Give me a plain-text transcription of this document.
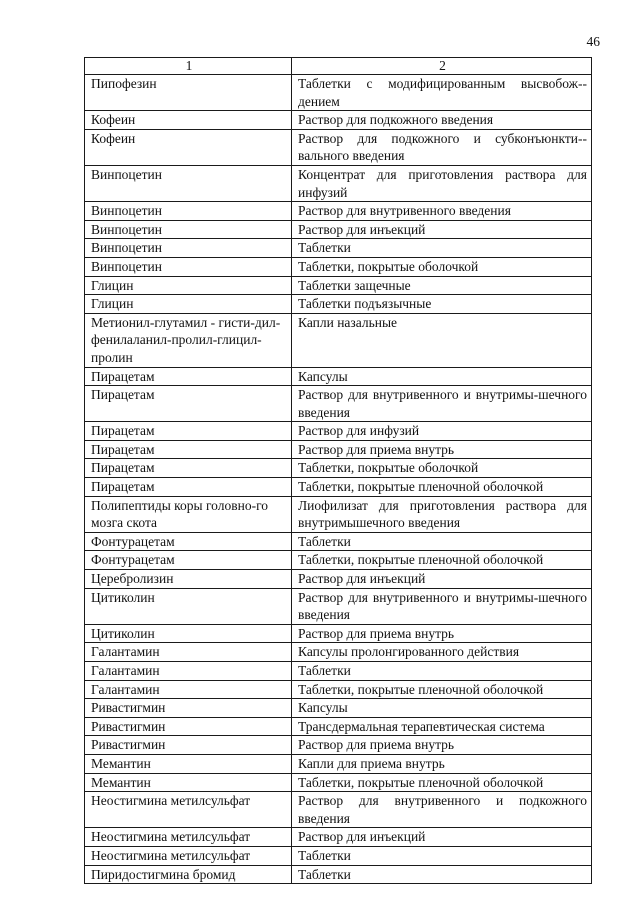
46
1	2
Пипофезин	Таблетки с модифицированным высвобож-дением
Кофеин	Раствор для подкожного введения
Кофеин	Раствор для подкожного и субконъюнкти-вального введения
Винпоцетин	Концентрат для приготовления раствора для инфузий
Винпоцетин	Раствор для внутривенного введения
Винпоцетин	Раствор для инъекций
Винпоцетин	Таблетки
Винпоцетин	Таблетки, покрытые оболочкой
Глицин	Таблетки защечные
Глицин	Таблетки подъязычные
Метионил-глутамил - гисти-дил-фенилаланил-пролил-глицил-пролин	Капли назальные
Пирацетам	Капсулы
Пирацетам	Раствор для внутривенного и внутримы-шечного введения
Пирацетам	Раствор для инфузий
Пирацетам	Раствор для приема внутрь
Пирацетам	Таблетки, покрытые оболочкой
Пирацетам	Таблетки, покрытые пленочной оболочкой
Полипептиды коры головно-го мозга скота	Лиофилизат для приготовления раствора для внутримышечного введения
Фонтурацетам	Таблетки
Фонтурацетам	Таблетки, покрытые пленочной оболочкой
Церебролизин	Раствор для инъекций
Цитиколин	Раствор для внутривенного и внутримы-шечного введения
Цитиколин	Раствор для приема внутрь
Галантамин	Капсулы пролонгированного действия
Галантамин	Таблетки
Галантамин	Таблетки, покрытые пленочной оболочкой
Ривастигмин	Капсулы
Ривастигмин	Трансдермальная терапевтическая система
Ривастигмин	Раствор для приема внутрь
Мемантин	Капли для приема внутрь
Мемантин	Таблетки, покрытые пленочной оболочкой
Неостигмина метилсульфат	Раствор для внутривенного и подкожного введения
Неостигмина метилсульфат	Раствор для инъекций
Неостигмина метилсульфат	Таблетки
Пиридостигмина бромид	Таблетки
